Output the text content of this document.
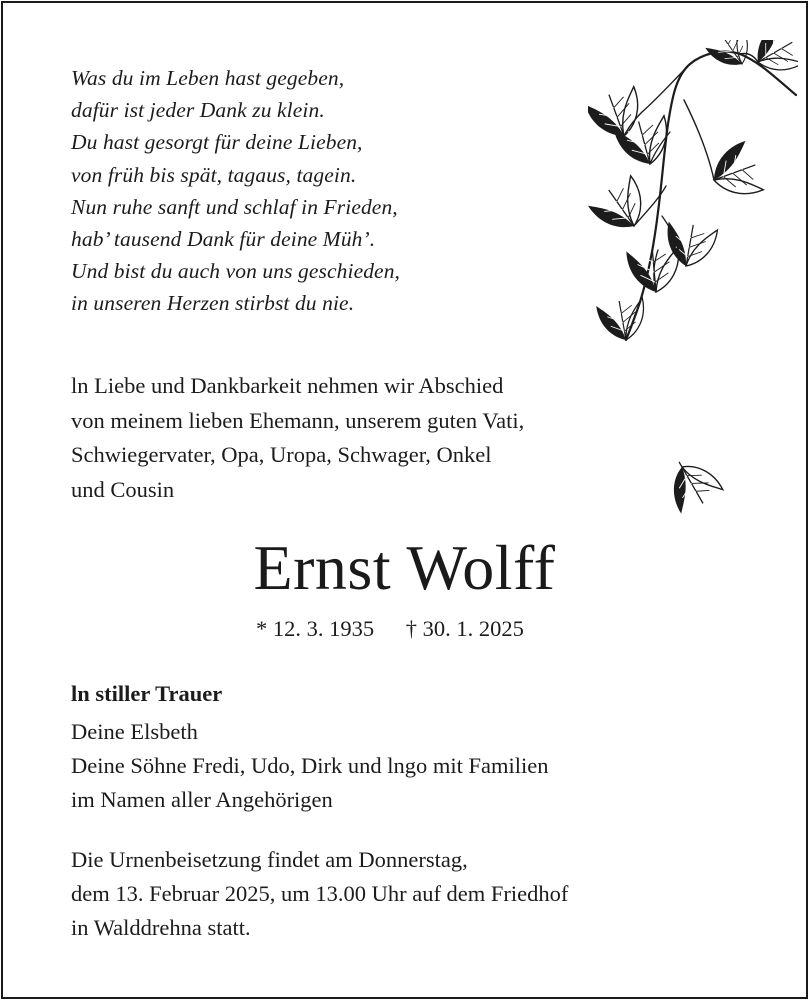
Was du im Leben hast gegeben,
dafür ist jeder Dank zu klein.
Du hast gesorgt für deine Lieben,
von früh bis spät, tagaus, tagein.
Nun ruhe sanft und schlaf in Frieden,
hab’ tausend Dank für deine Müh’.
Und bist du auch von uns geschieden,
in unseren Herzen stirbst du nie.
ln Liebe und Dankbarkeit nehmen wir Abschied
von meinem lieben Ehemann, unserem guten Vati,
Schwiegervater, Opa, Uropa, Schwager, Onkel
und Cousin
Ernst Wolff
* 12. 3. 1935 † 30. 1. 2025
ln stiller Trauer
Deine Elsbeth
Deine Söhne Fredi, Udo, Dirk und lngo mit Familien
im Namen aller Angehörigen
Die Urnenbeisetzung findet am Donnerstag,
dem 13. Februar 2025, um 13.00 Uhr auf dem Friedhof
in Walddrehna statt.
